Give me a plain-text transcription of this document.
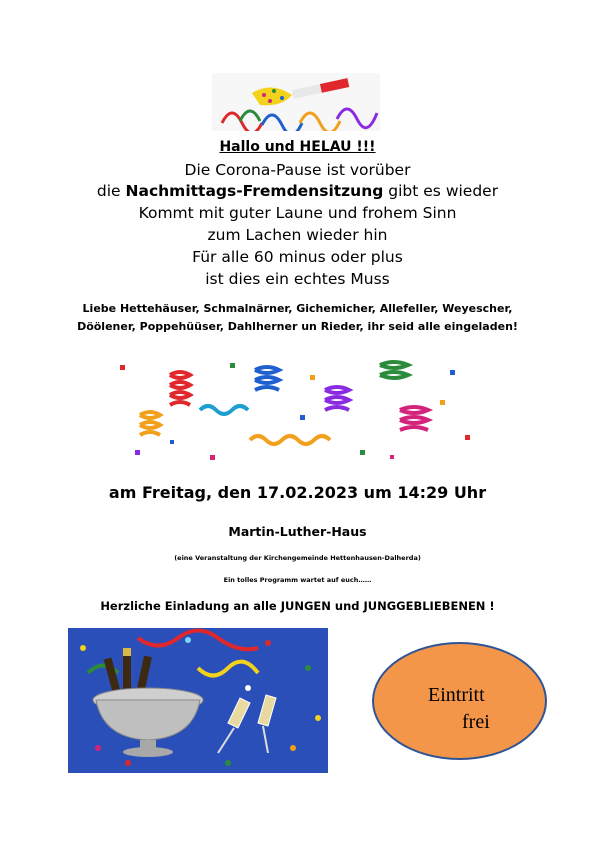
Hallo und HELAU !!!
Die Corona-Pause ist vorüber
die Nachmittags-Fremdensitzung gibt es wieder
Kommt mit guter Laune und frohem Sinn
zum Lachen wieder hin
Für alle 60 minus oder plus
ist dies ein echtes Muss
Liebe Hettehäuser, Schmalnärner, Gichemicher, Allefeller, Weyescher, Döölener, Poppehüüser, Dahlherner un Rieder, ihr seid alle eingeladen!
am Freitag, den 17.02.2023 um 14:29 Uhr
Martin-Luther-Haus
(eine Veranstaltung der Kirchengemeinde Hettenhausen-Dalherda)
Ein tolles Programm wartet auf euch……
Herzliche Einladung an alle JUNGEN und JUNGGEBLIEBENEN !
Eintritt
frei
